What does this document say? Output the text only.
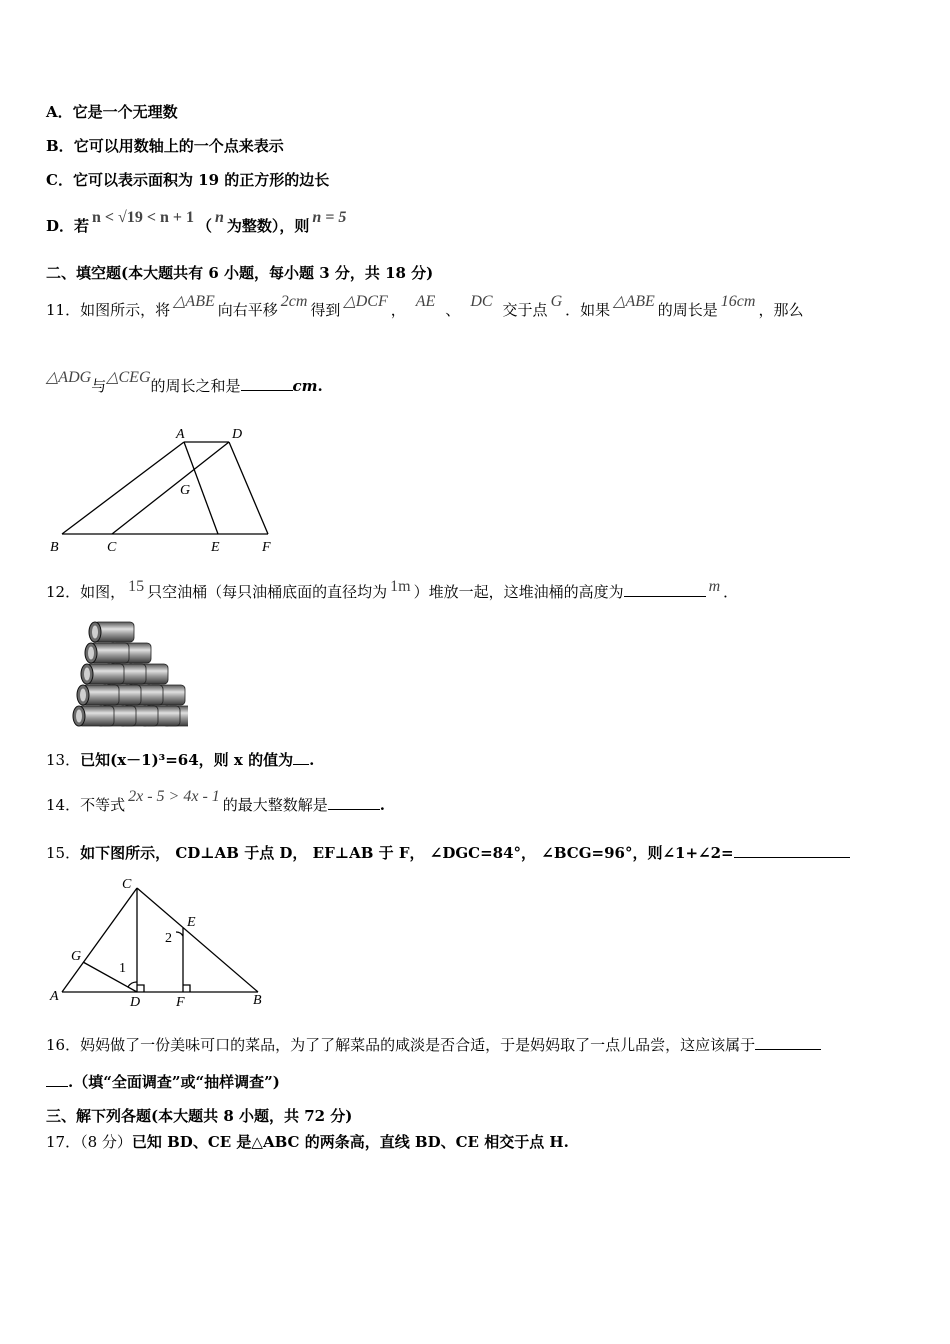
A．它是一个无理数
B．它可以用数轴上的一个点来表示
C．它可以表示面积为 19 的正方形的边长
D．若 n < √19 < n + 1 （ n 为整数），则 n = 5
二、填空题(本大题共有 6 小题，每小题 3 分，共 18 分)
11．如图所示，将 △ABE 向右平移 2cm 得到 △DCF ， AE 、 DC 交于点 G ．如果 △ABE 的周长是 16cm ，那么
△ADG与△CEG的周长之和是	cm.
A	D
G
B	C	E	F
12．如图， 15 只空油桶（每只油桶底面的直径均为 1m ）堆放一起，这堆油桶的高度为	m ．
13．已知(x－1)³=64，则 x 的值为 .
14．不等式 2x - 5 > 4x - 1 的最大整数解是	.
15．如下图所示， CD⊥AB 于点 D， EF⊥AB 于 F， ∠DGC=84°， ∠BCG=96°，则∠1+∠2=
C
E
G
A	D	F	B
1
2
16．妈妈做了一份美味可口的菜品，为了了解菜品的咸淡是否合适，于是妈妈取了一点儿品尝，这应该属于
.（填“全面调查”或“抽样调查”)
三、解下列各题(本大题共 8 小题，共 72 分)
17．（8 分）已知 BD、CE 是△ABC 的两条高，直线 BD、CE 相交于点 H.
